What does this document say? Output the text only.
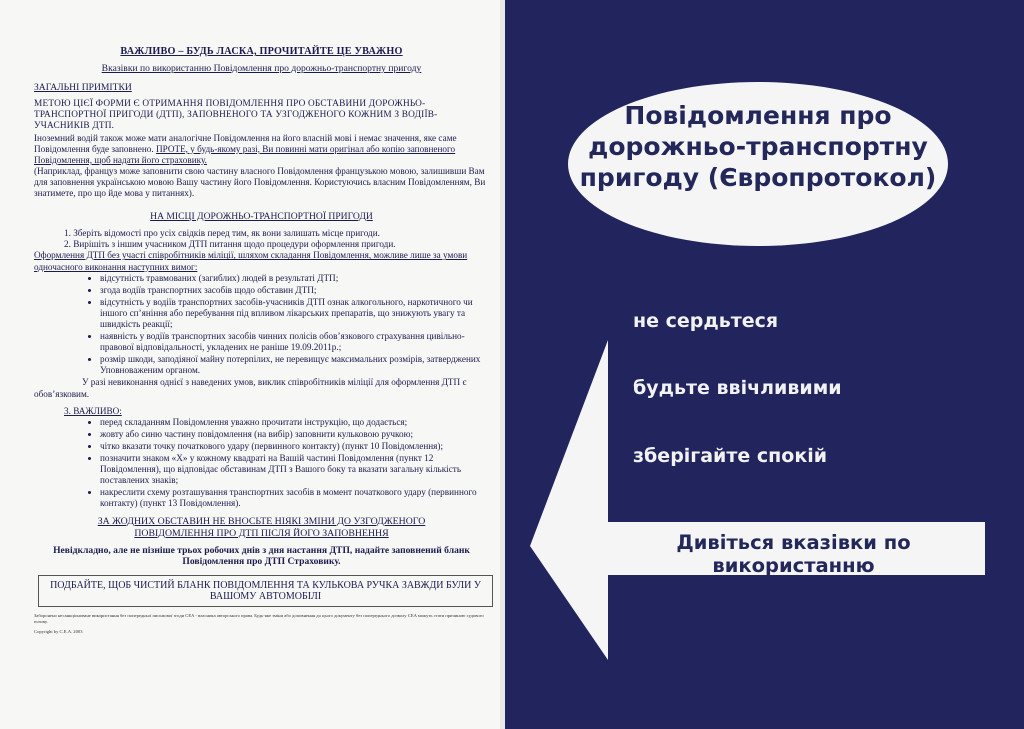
ВАЖЛИВО – БУДЬ ЛАСКА, ПРОЧИТАЙТЕ ЦЕ УВАЖНО
Вказівки по використанню Повідомлення про дорожньо-транспортну пригоду
ЗАГАЛЬНІ ПРИМІТКИ

МЕТОЮ ЦІЄЇ ФОРМИ Є ОТРИМАННЯ ПОВІДОМЛЕННЯ ПРО ОБСТАВИНИ ДОРОЖНЬО-ТРАНСПОРТНОЇ ПРИГОДИ (ДТП), ЗАПОВНЕНОГО ТА УЗГОДЖЕНОГО КОЖНИМ З ВОДІЇВ-УЧАСНИКІВ ДТП.

Іноземний водій також може мати аналогічне Повідомлення на його власній мові і немає значення, яке саме Повідомлення буде заповнено. ПРОТЕ, у будь-якому разі, Ви повинні мати оригінал або копію заповненого Повідомлення, щоб надати його страховику.

(Наприклад, француз може заповнити свою частину власного Повідомлення французькою мовою, залишивши Вам для заповнення українською мовою Вашу частину його Повідомлення. Користуючись власним Повідомленням, Ви знатимете, про що йде мова у питаннях).

НА МІСЦІ ДОРОЖНЬО-ТРАНСПОРТНОЇ ПРИГОДИ

1. Зберіть відомості про усіх свідків перед тим, як вони залишать місце пригоди.

2. Вирішіть з іншим учасником ДТП питання щодо процедури оформлення пригоди.

Оформлення ДТП без участі співробітників міліції, шляхом складання Повідомлення, можливе лише за умови одночасного виконання наступних вимог:

• відсутність травмованих (загиблих) людей в результаті ДТП;
• згода водіїв транспортних засобів щодо обставин ДТП;
• відсутність у водіїв транспортних засобів-учасників ДТП ознак алкогольного, наркотичного чи іншого сп’яніння або перебування під впливом лікарських препаратів, що знижують увагу та швидкість реакції;
• наявність у водіїв транспортних засобів чинних полісів обов’язкового страхування цивільно-правової відповідальності, укладених не раніше 19.09.2011р.;
• розмір шкоди, заподіяної майну потерпілих, не перевищує максимальних розмірів, затверджених Уповноваженим органом.

У разі невиконання однієї з наведених умов, виклик співробітників міліції для оформлення ДТП є обов’язковим.

3. ВАЖЛИВО:

• перед складанням Повідомлення уважно прочитати інструкцію, що додається;
• жовту або синю частину повідомлення (на вибір) заповнити кульковою ручкою;
• чітко вказати точку початкового удару (первинного контакту) (пункт 10 Повідомлення);
• позначити знаком «Х» у кожному квадраті на Вашій частині Повідомлення (пункт 12 Повідомлення), що відповідає обставинам ДТП з Вашого боку та вказати загальну кількість поставлених знаків;
• накреслити схему розташування транспортних засобів в момент початкового удару (первинного контакту) (пункт 13 Повідомлення).

ЗА ЖОДНИХ ОБСТАВИН НЕ ВНОСЬТЕ НІЯКІ ЗМІНИ ДО УЗГОДЖЕНОГО ПОВІДОМЛЕННЯ ПРО ДТП ПІСЛЯ ЙОГО ЗАПОВНЕННЯ

Невідкладно, але не пізніше трьох робочих днів з дня настання ДТП, надайте заповнений бланк Повідомлення про ДТП Страховику.

ПОДБАЙТЕ, ЩОБ ЧИСТИЙ БЛАНК ПОВІДОМЛЕННЯ ТА КУЛЬКОВА РУЧКА ЗАВЖДИ БУЛИ У ВАШОМУ АВТОМОБІЛІ

Заборонено несанкціоноване використання без попередньої письмової згоди CEA - власника авторського права. Будь-яке зміни або доповнення до цього документу без попереднього дозволу CEA можуть стати причиною судового позову.

Copyright by C.E.A. 2003

Повідомлення про дорожньо-транспортну пригоду (Європротокол)
не сердьтеся
будьте ввічливими
зберігайте спокій
Дивіться вказівки по використанню
